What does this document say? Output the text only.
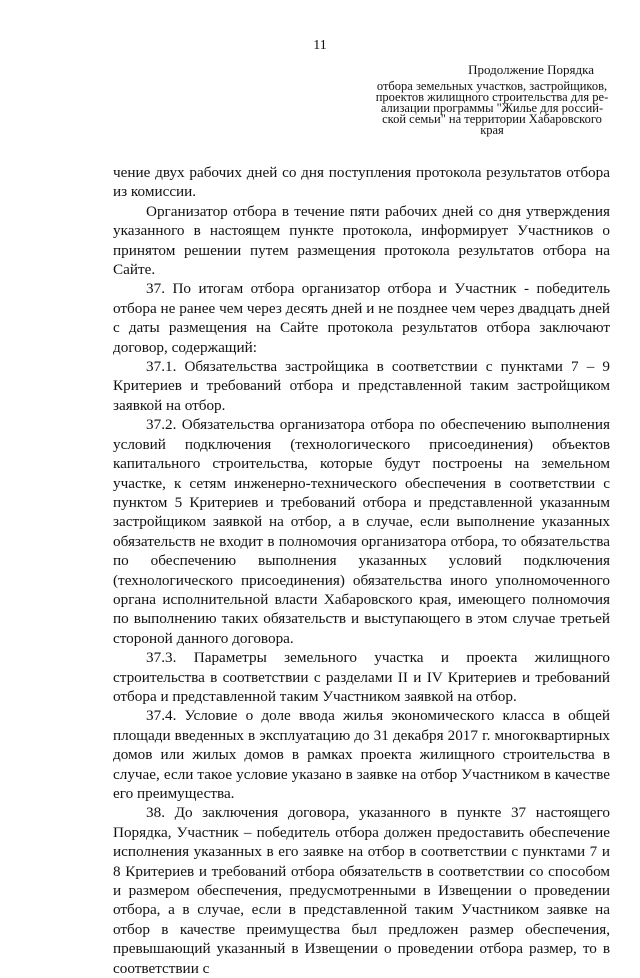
11
Продолжение Порядка
отбора земельных участков, застройщиков,
проектов жилищного строительства для ре-
ализации программы "Жилье для россий-
ской семьи" на территории Хабаровского
края

чение двух рабочих дней со дня поступления протокола результатов отбора из комиссии.

Организатор отбора в течение пяти рабочих дней со дня утверждения указанного в настоящем пункте протокола, информирует Участников о принятом решении путем размещения протокола результатов отбора на Сайте.

37. По итогам отбора организатор отбора и Участник - победитель отбора не ранее чем через десять дней и не позднее чем через двадцать дней с даты размещения на Сайте протокола результатов отбора заключают договор, содержащий:

37.1. Обязательства застройщика в соответствии с пунктами 7 – 9 Критериев и требований отбора и представленной таким застройщиком заявкой на отбор.

37.2. Обязательства организатора отбора по обеспечению выполнения условий подключения (технологического присоединения) объектов капитального строительства, которые будут построены на земельном участке, к сетям инженерно-технического обеспечения в соответствии с пунктом 5 Критериев и требований отбора и представленной указанным застройщиком заявкой на отбор, а в случае, если выполнение указанных обязательств не входит в полномочия организатора отбора, то обязательства по обеспечению выполнения указанных условий подключения (технологического присоединения) обязательства иного уполномоченного органа исполнительной власти Хабаровского края, имеющего полномочия по выполнению таких обязательств и выступающего в этом случае третьей стороной данного договора.

37.3. Параметры земельного участка и проекта жилищного строительства в соответствии с разделами II и IV Критериев и требований отбора и представленной таким Участником заявкой на отбор.

37.4. Условие о доле ввода жилья экономического класса в общей площади введенных в эксплуатацию до 31 декабря 2017 г. многоквартирных домов или жилых домов в рамках проекта жилищного строительства в случае, если такое условие указано в заявке на отбор Участником в качестве его преимущества.

38. До заключения договора, указанного в пункте 37 настоящего Порядка, Участник – победитель отбора должен предоставить обеспечение исполнения указанных в его заявке на отбор в соответствии с пунктами 7 и 8 Критериев и требований отбора обязательств в соответствии со способом и размером обеспечения, предусмотренными в Извещении о проведении отбора, а в случае, если в представленной таким Участником заявке на отбор в качестве преимущества был предложен размер обеспечения, превышающий указанный в Извещении о проведении отбора размер, то в соответствии с
